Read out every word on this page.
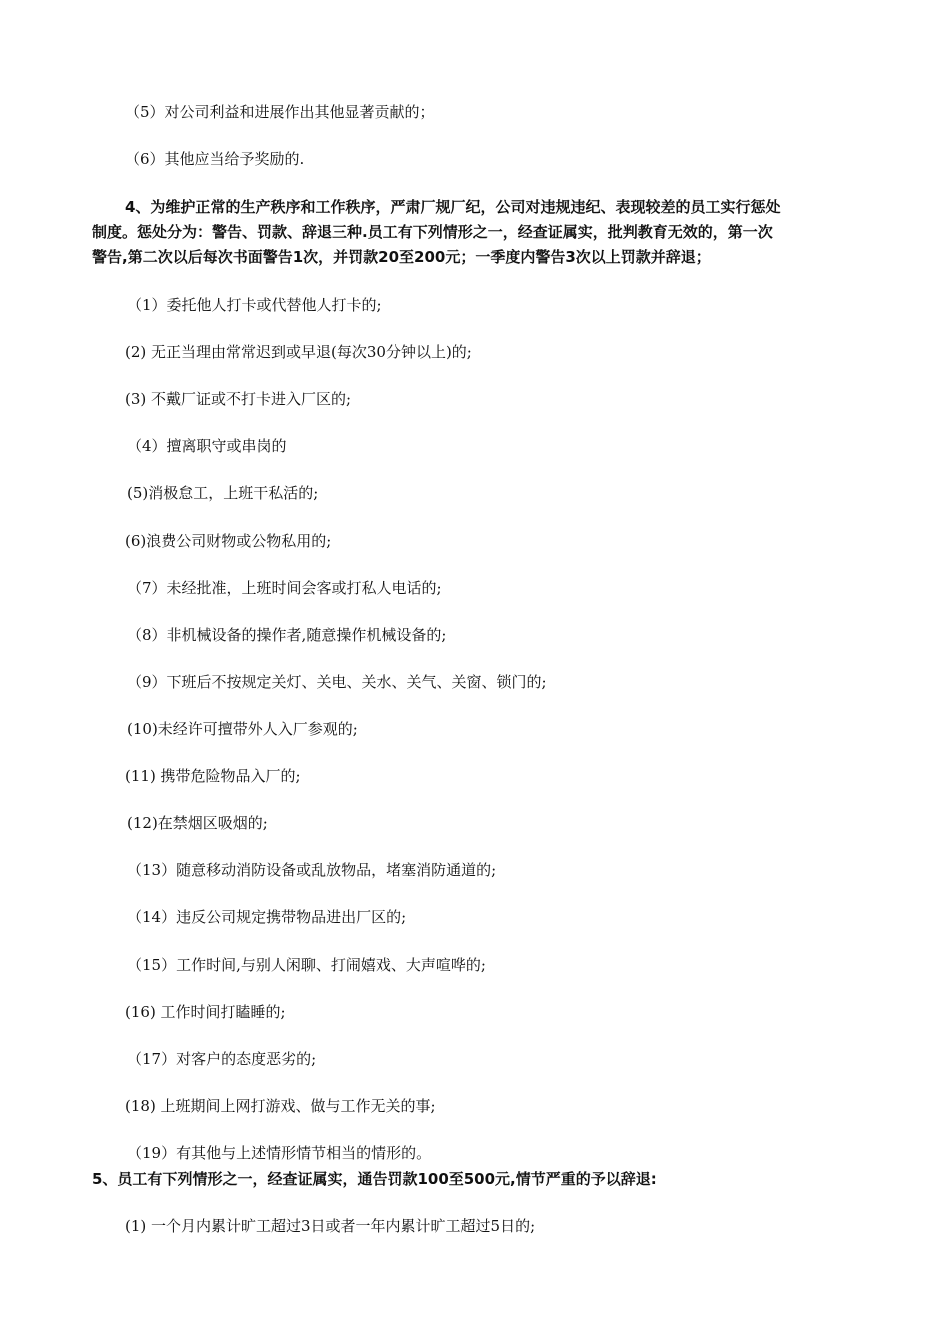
（5）对公司利益和进展作出其他显著贡献的；
（6）其他应当给予奖励的.
4、为维护正常的生产秩序和工作秩序，严肃厂规厂纪，公司对违规违纪、表现较差的员工实行惩处
制度。惩处分为：警告、罚款、辞退三种.员工有下列情形之一，经查证属实，批判教育无效的，第一次
警告,第二次以后每次书面警告1次，并罚款20至200元；一季度内警告3次以上罚款并辞退；
（1）委托他人打卡或代替他人打卡的;
(2) 无正当理由常常迟到或早退(每次30分钟以上)的;
(3) 不戴厂证或不打卡进入厂区的;
（4）擅离职守或串岗的
(5)消极怠工，上班干私活的;
(6)浪费公司财物或公物私用的;
（7）未经批准，上班时间会客或打私人电话的;
（8）非机械设备的操作者,随意操作机械设备的;
（9）下班后不按规定关灯、关电、关水、关气、关窗、锁门的;
(10)未经许可擅带外人入厂参观的;
(11) 携带危险物品入厂的;
(12)在禁烟区吸烟的;
（13）随意移动消防设备或乱放物品，堵塞消防通道的;
（14）违反公司规定携带物品进出厂区的;
（15）工作时间,与别人闲聊、打闹嬉戏、大声喧哗的;
(16) 工作时间打瞌睡的;
（17）对客户的态度恶劣的;
(18) 上班期间上网打游戏、做与工作无关的事;
（19）有其他与上述情形情节相当的情形的。
5、员工有下列情形之一，经查证属实，通告罚款100至500元,情节严重的予以辞退:
(1) 一个月内累计旷工超过3日或者一年内累计旷工超过5日的;
